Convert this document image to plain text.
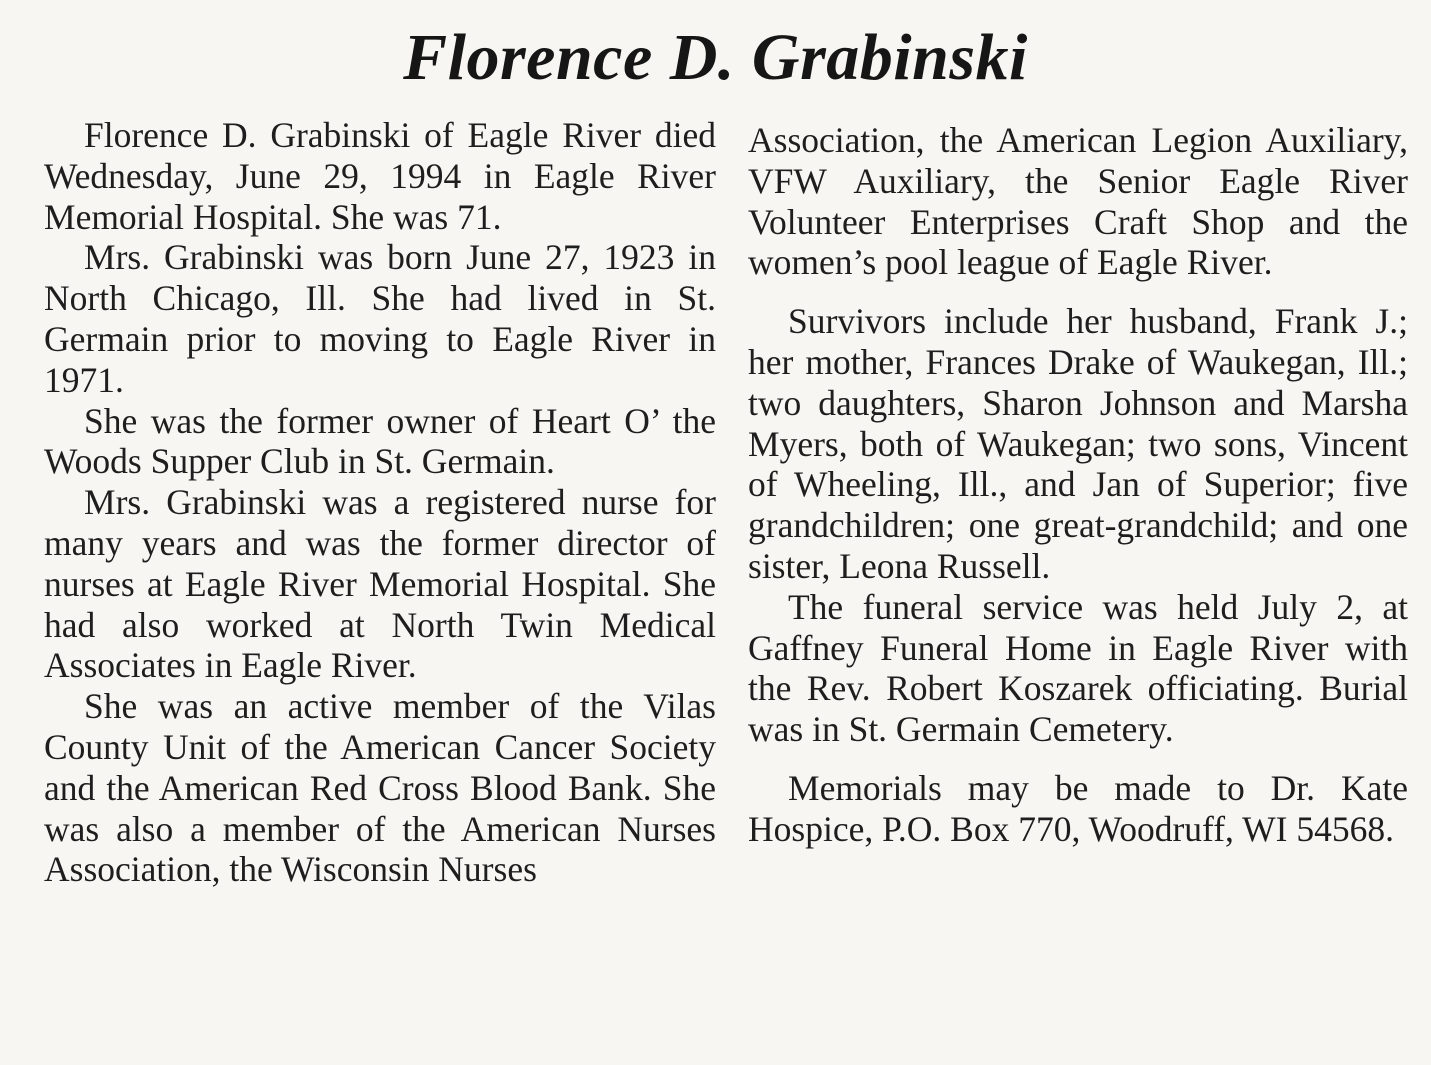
Florence D. Grabinski

Florence D. Grabinski of Eagle River died Wednesday, June 29, 1994 in Eagle River Memorial Hospital. She was 71.

Mrs. Grabinski was born June 27, 1923 in North Chicago, Ill. She had lived in St. Germain prior to moving to Eagle River in 1971.

She was the former owner of Heart O’ the Woods Supper Club in St. Germain.

Mrs. Grabinski was a registered nurse for many years and was the former director of nurses at Eagle River Memorial Hospital. She had also worked at North Twin Medical Associates in Eagle River.

She was an active member of the Vilas County Unit of the American Cancer Society and the American Red Cross Blood Bank. She was also a member of the American Nurses Association, the Wisconsin Nurses

Association, the American Legion Auxiliary, VFW Auxiliary, the Senior Eagle River Volunteer Enterprises Craft Shop and the women’s pool league of Eagle River.

Survivors include her husband, Frank J.; her mother, Frances Drake of Waukegan, Ill.; two daughters, Sharon Johnson and Marsha Myers, both of Waukegan; two sons, Vincent of Wheeling, Ill., and Jan of Superior; five grandchildren; one great-grandchild; and one sister, Leona Russell.

The funeral service was held July 2, at Gaffney Funeral Home in Eagle River with the Rev. Robert Koszarek officiating. Burial was in St. Germain Cemetery.

Memorials may be made to Dr. Kate Hospice, P.O. Box 770, Woodruff, WI 54568.
